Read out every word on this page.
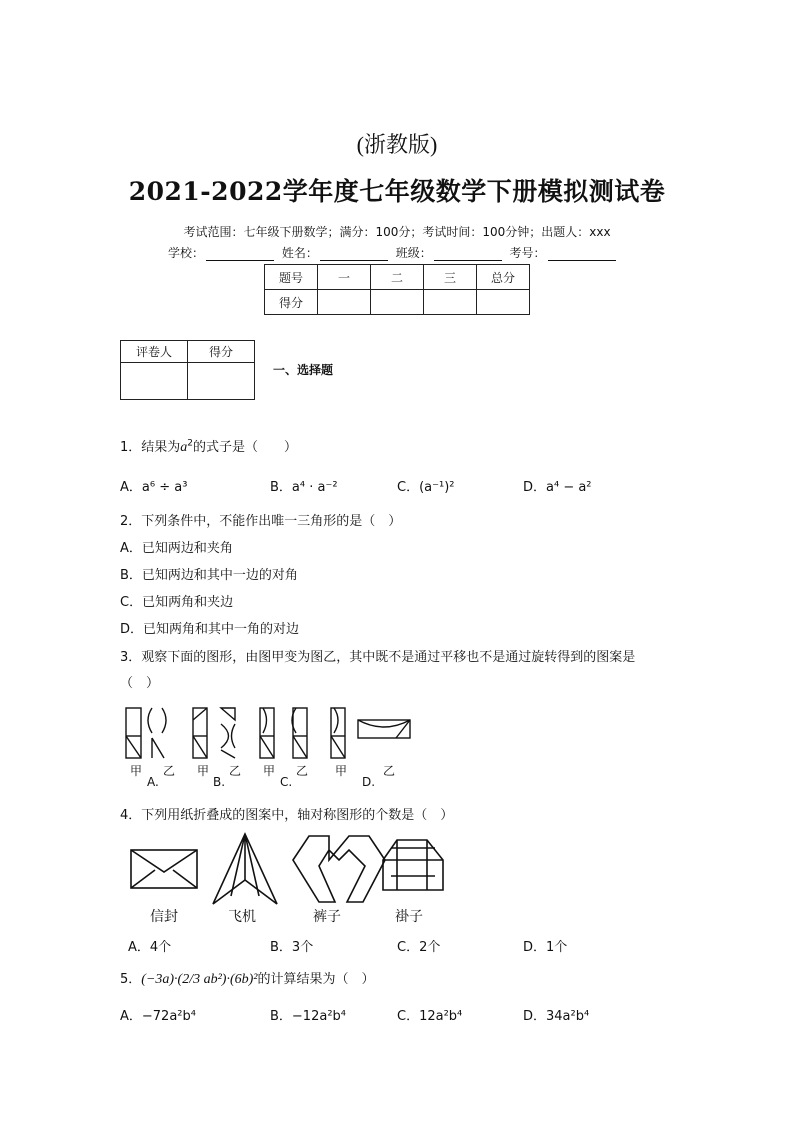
(浙教版)
2021-2022学年度七年级数学下册模拟测试卷
考试范围：七年级下册数学；满分：100分；考试时间：100分钟；出题人：xxx
学校：	姓名：	班级：	考号：
题号	一	二	三	总分
得分				
评卷人	得分

一、选择题
1．结果为$a^2$的式子是（　　）
A．a⁶ ÷ a³	B．a⁴ · a⁻²	C．(a⁻¹)²	D．a⁴ − a²
2．下列条件中，不能作出唯一三角形的是（　）
A．已知两边和夹角
B．已知两边和其中一边的对角
C．已知两角和夹边
D．已知两角和其中一角的对边
3．观察下面的图形，由图甲变为图乙，其中既不是通过平移也不是通过旋转得到的图案是
（　）
甲 乙
A.
甲 乙
B.
甲 乙
C.
甲
D.
乙
4．下列用纸折叠成的图案中，轴对称图形的个数是（　）
信封	飞机	裤子	褂子
A．4个	B．3个	C．2个	D．1个
5．(−3a)·(2/3 ab²)·(6b)²的计算结果为（　）
A．−72a²b⁴	B．−12a²b⁴	C．12a²b⁴	D．34a²b⁴
